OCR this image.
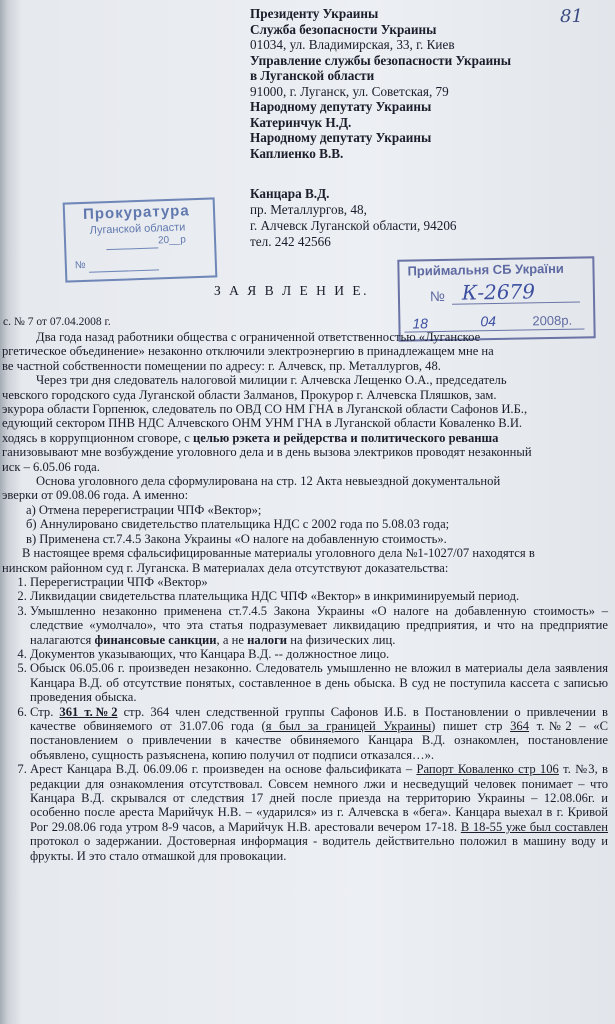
81
Президенту Украины
Служба безопасности Украины
01034, ул. Владимирская, 33, г. Киев
Управление службы безопасности Украины
в Луганской области
91000, г. Луганск, ул. Советская, 79
Народному депутату Украины
Катеринчук Н.Д.
Народному депутату Украины
Каплиенко В.В.
Прокуратура
Луганской области
20__р
№
Канцара В.Д.
пр. Металлургов, 48,
г. Алчевск Луганской области, 94206
тел. 242 42566
Приймальня СБ України
№ К-2679
18	04	2008р.
З А Я В Л Е Н И Е.
с. № 7 от 07.04.2008 г.

Два года назад работники общества с ограниченной ответственностью «Луганское

ргетическое объединение» незаконно отключили электроэнергию в принадлежащем мне на

ве частной собственности помещении по адресу: г. Алчевск, пр. Металлургов, 48.

Через три дня следователь налоговой милиции г. Алчевска Лещенко О.А., председатель

чевского городского суда Луганской области Залманов, Прокурор г. Алчевска Пляшков, зам.

экурора области Горпенюк, следователь по ОВД СО НМ ГНА в Луганской области Сафонов И.Б.,

едующий сектором ПНВ НДС Алчевского ОНМ УНМ ГНА в Луганской области Коваленко В.И.

ходясь в коррупционном сговоре, с целью рэкета и рейдерства и политического реванша

ганизовывают мне возбуждение уголовного дела и в день вызова электриков проводят незаконный

иск – 6.05.06 года.

Основа уголовного дела сформулирована на стр. 12 Акта невыездной документальной

эверки от 09.08.06 года. А именно:

а) Отмена перерегистрации ЧПФ «Вектор»;

б) Аннулировано свидетельство плательщика НДС с 2002 года по 5.08.03 года;

в) Применена ст.7.4.5 Закона Украины «О налоге на добавленную стоимость».

В настоящее время сфальсифицированные материалы уголовного дела №1-1027/07 находятся в

нинском районном суд г. Луганска. В материалах дела отсутствуют доказательства:

1. Перерегистрации ЧПФ «Вектор»
2. Ликвидации свидетельства плательщика НДС ЧПФ «Вектор» в инкриминируемый период.
3. Умышленно незаконно применена ст.7.4.5 Закона Украины «О налоге на добавленную стоимость» – следствие «умолчало», что эта статья подразумевает ликвидацию предприятия, и что на предприятие налагаются финансовые санкции, а не налоги на физических лиц.
4. Документов указывающих, что Канцара В.Д. -- должностное лицо.
5. Обыск 06.05.06 г. произведен незаконно. Следователь умышленно не вложил в материалы дела заявления Канцара В.Д. об отсутствие понятых, составленное в день обыска. В суд не поступила кассета с записью проведения обыска.
6. Стр. 361 т.№2 стр. 364 член следственной группы Сафонов И.Б. в Постановлении о привлечении в качестве обвиняемого от 31.07.06 года (я был за границей Украины) пишет стр 364 т.№2 – «С постановлением о привлечении в качестве обвиняемого Канцара В.Д. ознакомлен, постановление объявлено, сущность разъяснена, копию получил от подписи отказался…».
7. Арест Канцара В.Д. 06.09.06 г. произведен на основе фальсификата – Рапорт Коваленко стр 106 т. №3, в редакции для ознакомления отсутствовал. Совсем немного лжи и несведущий человек понимает – что Канцара В.Д. скрывался от следствия 17 дней после приезда на территорию Украины – 12.08.06г. и особенно после ареста Марийчук Н.В. – «ударился» из г. Алчевска в «бега». Канцара выехал в г. Кривой Рог 29.08.06 года утром 8-9 часов, а Марийчук Н.В. арестовали вечером 17-18. В 18-55 уже был составлен протокол о задержании. Достоверная информация - водитель действительно положил в машину воду и фрукты. И это стало отмашкой для провокации.
